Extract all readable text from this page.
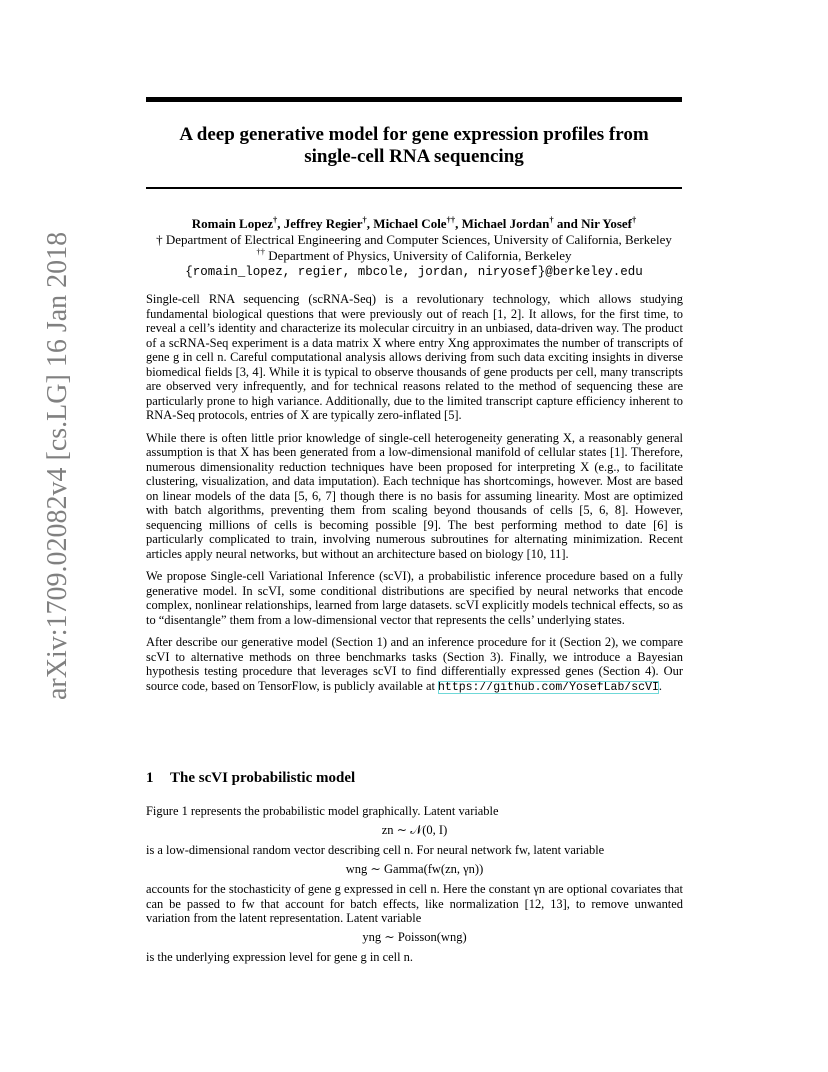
A deep generative model for gene expression profiles from
single-cell RNA sequencing
Romain Lopez†, Jeffrey Regier†, Michael Cole††, Michael Jordan† and Nir Yosef†
† Department of Electrical Engineering and Computer Sciences, University of California, Berkeley
†† Department of Physics, University of California, Berkeley
{romain_lopez, regier, mbcole, jordan, niryosef}@berkeley.edu
arXiv:1709.02082v4 [cs.LG] 16 Jan 2018	Single-cell RNA sequencing (scRNA-Seq) is a revolutionary technology, which allows studying fundamental biological questions that were previously out of reach [1, 2]. It allows, for the first time, to reveal a cell’s identity and characterize its molecular circuitry in an unbiased, data-driven way. The product of a scRNA-Seq experiment is a data matrix X where entry Xng approximates the number of transcripts of gene g in cell n. Careful computational analysis allows deriving from such data exciting insights in diverse biomedical fields [3, 4]. While it is typical to observe thousands of gene products per cell, many transcripts are observed very infrequently, and for technical reasons related to the method of sequencing these are particularly prone to high variance. Additionally, due to the limited transcript capture efficiency inherent to RNA-Seq protocols, entries of X are typically zero-inflated [5].

While there is often little prior knowledge of single-cell heterogeneity generating X, a reasonably general assumption is that X has been generated from a low-dimensional manifold of cellular states [1]. Therefore, numerous dimensionality reduction techniques have been proposed for interpreting X (e.g., to facilitate clustering, visualization, and data imputation). Each technique has shortcomings, however. Most are based on linear models of the data [5, 6, 7] though there is no basis for assuming linearity. Most are optimized with batch algorithms, preventing them from scaling beyond thousands of cells [5, 6, 8]. However, sequencing millions of cells is becoming possible [9]. The best performing method to date [6] is particularly complicated to train, involving numerous subroutines for alternating minimization. Recent articles apply neural networks, but without an architecture based on biology [10, 11].

We propose Single-cell Variational Inference (scVI), a probabilistic inference procedure based on a fully generative model. In scVI, some conditional distributions are specified by neural networks that encode complex, nonlinear relationships, learned from large datasets. scVI explicitly models technical effects, so as to “disentangle” them from a low-dimensional vector that represents the cells’ underlying states.

After describe our generative model (Section 1) and an inference procedure for it (Section 2), we compare scVI to alternative methods on three benchmarks tasks (Section 3). Finally, we introduce a Bayesian hypothesis testing procedure that leverages scVI to find differentially expressed genes (Section 4). Our source code, based on TensorFlow, is publicly available at https://github.com/YosefLab/scVI.

1 The scVI probabilistic model

Figure 1 represents the probabilistic model graphically. Latent variable

zn ∼ 𝒩(0, I)

is a low-dimensional random vector describing cell n. For neural network fw, latent variable

wng ∼ Gamma(fw(zn, γn))

accounts for the stochasticity of gene g expressed in cell n. Here the constant γn are optional covariates that can be passed to fw that account for batch effects, like normalization [12, 13], to remove unwanted variation from the latent representation. Latent variable

yng ∼ Poisson(wng)

is the underlying expression level for gene g in cell n.
